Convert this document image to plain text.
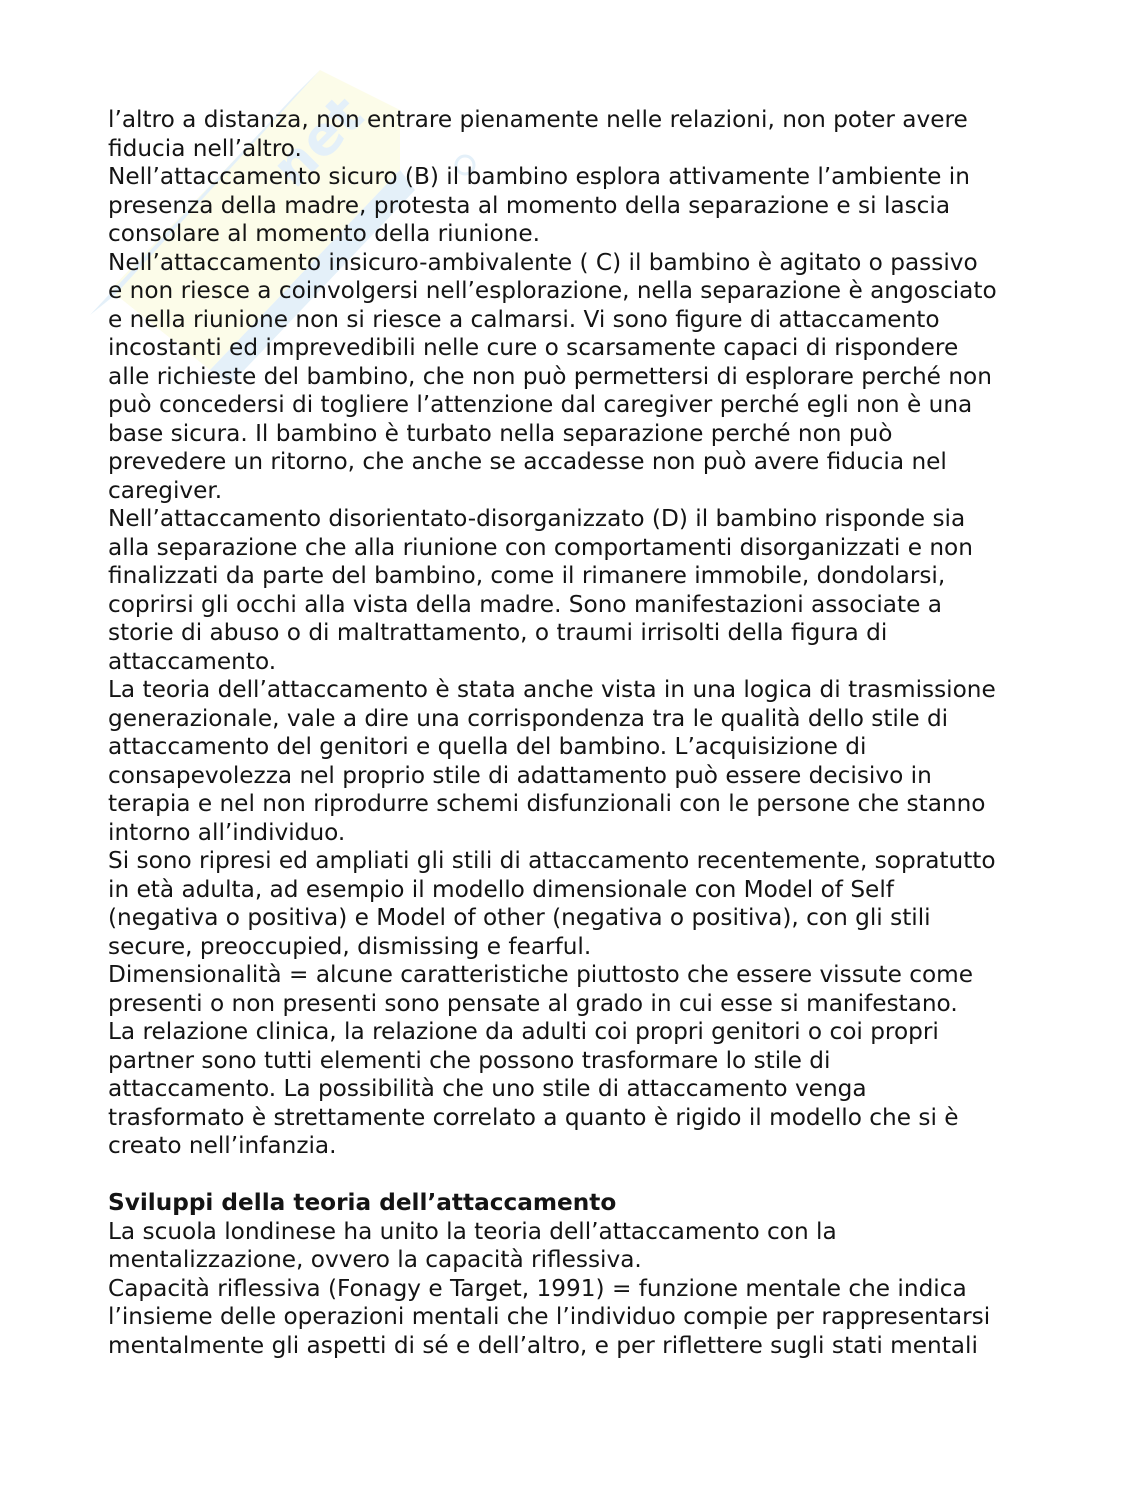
net

l’altro a distanza, non entrare pienamente nelle relazioni, non poter avere
fiducia nell’altro.

Nell’attaccamento sicuro (B) il bambino esplora attivamente l’ambiente in
presenza della madre, protesta al momento della separazione e si lascia
consolare al momento della riunione.

Nell’attaccamento insicuro-ambivalente ( C) il bambino è agitato o passivo
e non riesce a coinvolgersi nell’esplorazione, nella separazione è angosciato
e nella riunione non si riesce a calmarsi. Vi sono figure di attaccamento
incostanti ed imprevedibili nelle cure o scarsamente capaci di rispondere
alle richieste del bambino, che non può permettersi di esplorare perché non
può concedersi di togliere l’attenzione dal caregiver perché egli non è una
base sicura. Il bambino è turbato nella separazione perché non può
prevedere un ritorno, che anche se accadesse non può avere fiducia nel
caregiver.

Nell’attaccamento disorientato-disorganizzato (D) il bambino risponde sia
alla separazione che alla riunione con comportamenti disorganizzati e non
finalizzati da parte del bambino, come il rimanere immobile, dondolarsi,
coprirsi gli occhi alla vista della madre. Sono manifestazioni associate a
storie di abuso o di maltrattamento, o traumi irrisolti della figura di
attaccamento.

La teoria dell’attaccamento è stata anche vista in una logica di trasmissione
generazionale, vale a dire una corrispondenza tra le qualità dello stile di
attaccamento del genitori e quella del bambino. L’acquisizione di
consapevolezza nel proprio stile di adattamento può essere decisivo in
terapia e nel non riprodurre schemi disfunzionali con le persone che stanno
intorno all’individuo.

Si sono ripresi ed ampliati gli stili di attaccamento recentemente, sopratutto
in età adulta, ad esempio il modello dimensionale con Model of Self
(negativa o positiva) e Model of other (negativa o positiva), con gli stili
secure, preoccupied, dismissing e fearful.

Dimensionalità = alcune caratteristiche piuttosto che essere vissute come
presenti o non presenti sono pensate al grado in cui esse si manifestano.

La relazione clinica, la relazione da adulti coi propri genitori o coi propri
partner sono tutti elementi che possono trasformare lo stile di
attaccamento. La possibilità che uno stile di attaccamento venga
trasformato è strettamente correlato a quanto è rigido il modello che si è
creato nell’infanzia.

Sviluppi della teoria dell’attaccamento

La scuola londinese ha unito la teoria dell’attaccamento con la
mentalizzazione, ovvero la capacità riflessiva.

Capacità riflessiva (Fonagy e Target, 1991) = funzione mentale che indica
l’insieme delle operazioni mentali che l’individuo compie per rappresentarsi
mentalmente gli aspetti di sé e dell’altro, e per riflettere sugli stati mentali
